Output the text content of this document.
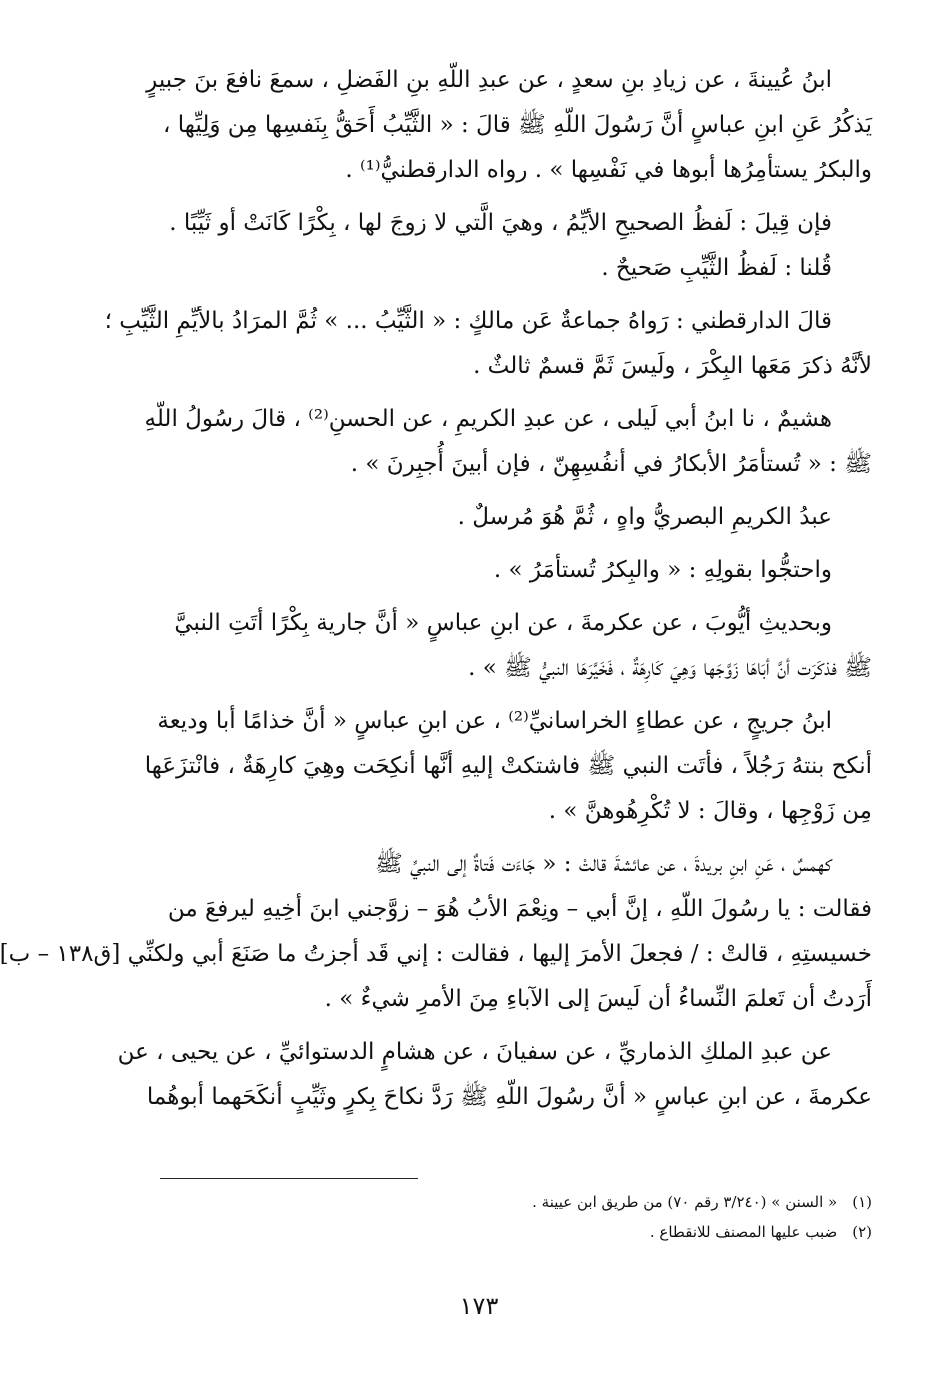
ابنُ عُيينةَ ، عن زيادِ بنِ سعدٍ ، عن عبدِ اللّهِ بنِ الفَضلِ ، سمعَ نافعَ بنَ جبيرٍ
يَذكُرُ عَنِ ابنِ عباسٍ أنَّ رَسُولَ اللّهِ ﷺ قالَ : « الثَّيِّبُ أَحَقُّ بِنَفسِها مِن وَلِيِّها ،
والبكرُ يستأمِرُها أبوها في نَفْسِها » . رواه الدارقطنيُّ⁽¹⁾ .
فإن قِيلَ : لَفظُ الصحيحِ الأيِّمُ ، وهيَ الَّتي لا زوجَ لها ، بِكْرًا كَانَتْ أو ثَيِّبًا .
قُلنا : لَفظُ الثَّيِّبِ صَحيحٌ .
قالَ الدارقطني : رَواهُ جماعةٌ عَن مالكٍ : « الثَّيِّبُ ... » ثُمَّ المرَادُ بالأيِّمِ الثَّيِّبِ ؛
لأنَّهُ ذكرَ مَعَها البِكْرَ ، ولَيسَ ثَمَّ قسمٌ ثالثٌ .
هشيمٌ ، نا ابنُ أبي لَيلى ، عن عبدِ الكريمِ ، عن الحسنِ⁽²⁾ ، قالَ رسُولُ اللّهِ
ﷺ : « تُستأمَرُ الأبكارُ في أنفُسِهِنّ ، فإن أبينَ أُجبِرنَ » .
عبدُ الكريمِ البصريُّ واهٍ ، ثُمَّ هُوَ مُرسلٌ .
واحتجُّوا بقولِهِ : « والبِكرُ تُستأمَرُ » .
وبحديثِ أيُّوبَ ، عن عكرمةَ ، عن ابنِ عباسٍ « أنَّ جارية بِكْرًا أتَتِ النبيَّ
ﷺ فذكَرَت أنَّ أبَاهَا زَوَّجَها وَهِيَ كَارِهَةٌ ، فَخَيَّرَهَا النبيُّ ﷺ » .
ابنُ جريجٍ ، عن عطاءٍ الخراسانيِّ⁽²⁾ ، عن ابنِ عباسٍ « أنَّ خذامًا أبا وديعة
أنكح بنتهُ رَجُلاً ، فأتَت النبي ﷺ فاشتكتْ إليهِ أنَّها أنكِحَت وهِيَ كارِهَةٌ ، فانْتزَعَها
مِن زَوْجِها ، وقالَ : لا تُكْرِهُوهنَّ » .
كهمسٌ ، عَنِ ابنِ بريدةَ ، عن عائشةَ قالتْ : « جَاءَت فَتاةٌ إلى النبيِّ ﷺ
فقالت : يا رسُولَ اللّهِ ، إنَّ أبي – ونِعْمَ الأبُ هُوَ – زوَّجني ابنَ أخِيهِ ليرفعَ من
خسيستِهِ ، قالتْ : / فجعلَ الأمرَ إليها ، فقالت : إني قَد أجزتُ ما صَنَعَ أبي ولكنِّي [ق١٣٨ – ب]
أَرَدتُ أن تَعلمَ النِّساءُ أن لَيسَ إلى الآباءِ مِنَ الأمرِ شيءٌ » .
عن عبدِ الملكِ الذماريِّ ، عن سفيانَ ، عن هشامٍ الدستوائيِّ ، عن يحيى ، عن
عكرمةَ ، عن ابنِ عباسٍ « أنَّ رسُولَ اللّهِ ﷺ رَدَّ نكاحَ بِكرٍ وثَيِّبٍ أنكَحَهما أبوهُما
(١) « السنن » (٣/٢٤٠ رقم ٧٠) من طريق ابن عيينة .
(٢) ضبب عليها المصنف للانقطاع .
١٧٣
